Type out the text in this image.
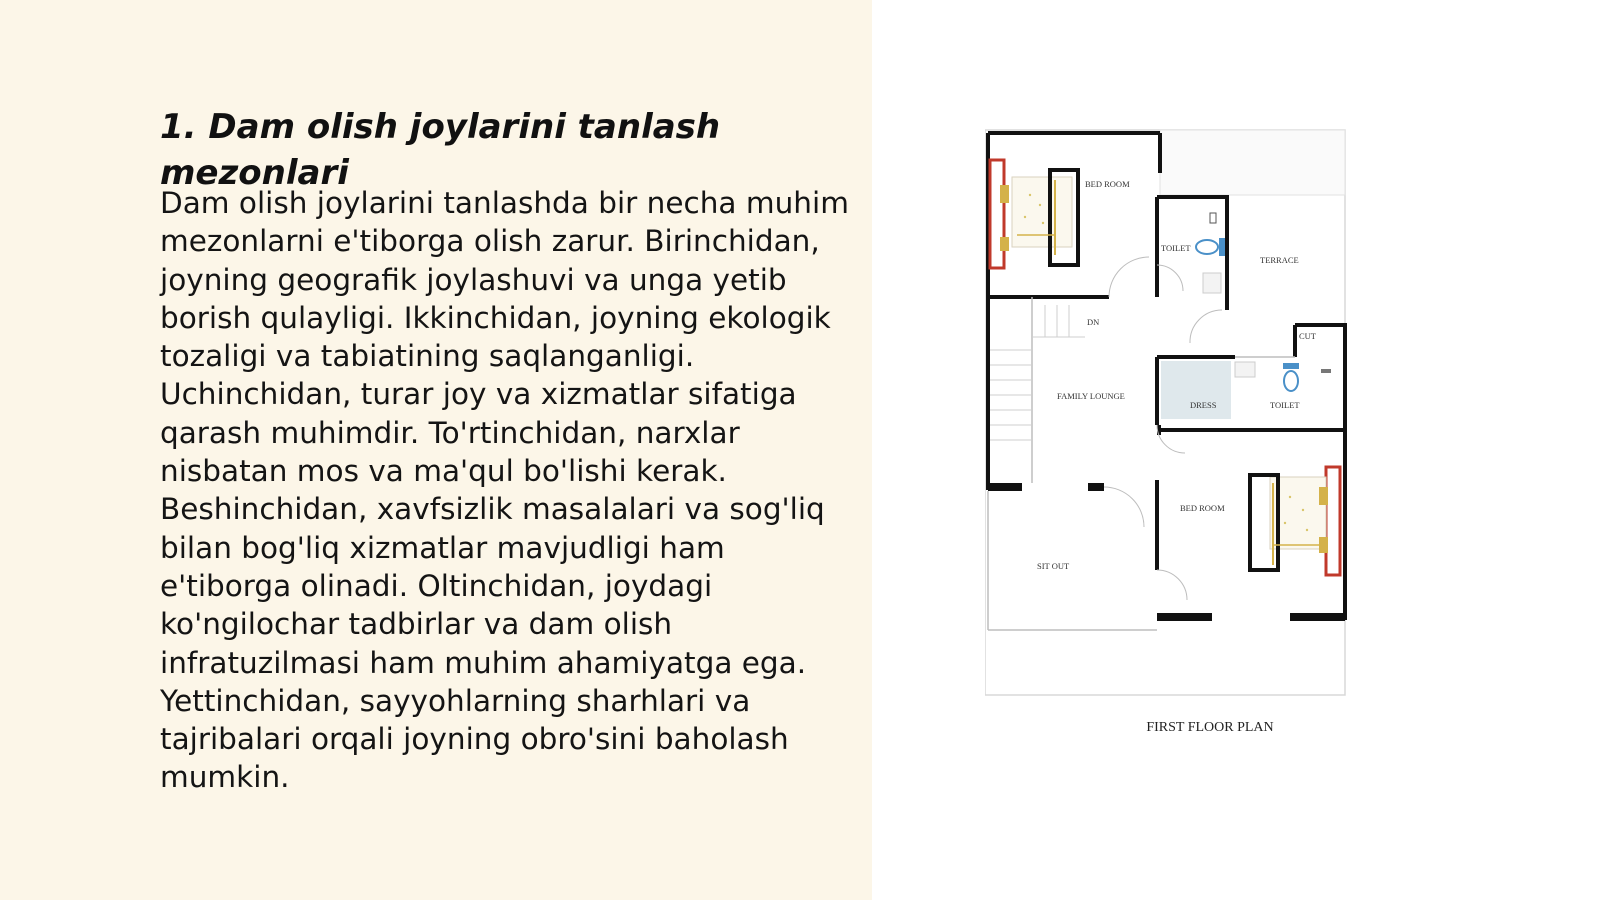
1. Dam olish joylarini tanlash mezonlari

Dam olish joylarini tanlashda bir necha muhim mezonlarni e'tiborga olish zarur. Birinchidan, joyning geografik joylashuvi va unga yetib borish qulayligi. Ikkinchidan, joyning ekologik tozaligi va tabiatining saqlanganligi. Uchinchidan, turar joy va xizmatlar sifatiga qarash muhimdir. To'rtinchidan, narxlar nisbatan mos va ma'qul bo'lishi kerak. Beshinchidan, xavfsizlik masalalari va sog'liq bilan bog'liq xizmatlar mavjudligi ham e'tiborga olinadi. Oltinchidan, joydagi ko'ngilochar tadbirlar va dam olish infratuzilmasi ham muhim ahamiyatga ega. Yettinchidan, sayyohlarning sharhlari va tajribalari orqali joyning obro'sini baholash mumkin.

BED ROOM
TOILET
TERRACE
DN
CUT
FAMILY LOUNGE
DRESS	TOILET
BED ROOM
SIT OUT
FIRST FLOOR PLAN
